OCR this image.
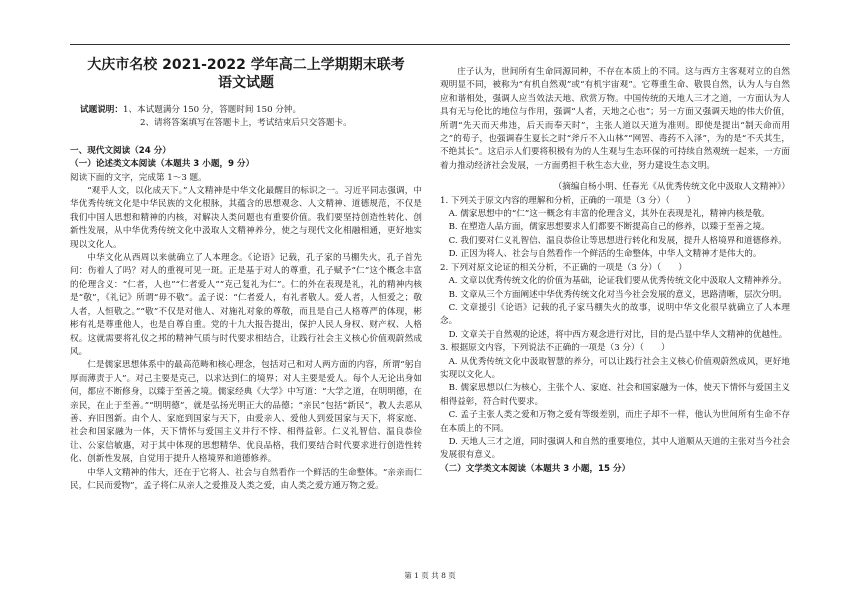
大庆市名校 2021-2022 学年高二上学期期末联考
语文试题

试题说明：1、本试题满分 150 分，答题时间 150 分钟。

2、请将答案填写在答题卡上，考试结束后只交答题卡。

一、现代文阅读（24 分）

（一）论述类文本阅读（本题共 3 小题，9 分）

阅读下面的文字，完成第 1～3 题。

“观乎人文，以化成天下。”人文精神是中华文化最醒目的标识之一。习近平同志强调，中华优秀传统文化是中华民族的文化根脉，其蕴含的思想观念、人文精神、道德规范，不仅是我们中国人思想和精神的内核，对解决人类问题也有重要价值。我们要坚持创造性转化、创新性发展，从中华优秀传统文化中汲取人文精神养分，使之与现代文化相融相通，更好地实现以文化人。

中华文化从西周以来就确立了人本理念。《论语》记载，孔子家的马棚失火，孔子首先问：伤着人了吗？对人的重视可见一斑。正是基于对人的尊重，孔子赋予“仁”这个概念丰富的伦理含义：“仁者，人也”“仁者爱人”“克己复礼为仁”。仁的外在表现是礼，礼的精神内核是“敬”，《礼记》所谓“毋不敬”。孟子说：“仁者爱人，有礼者敬人。爱人者，人恒爱之；敬人者，人恒敬之。”“敬”不仅是对他人、对施礼对象的尊敬，而且是自己人格尊严的体现，彬彬有礼是尊重他人，也是自尊自重。党的十九大报告提出，保护人民人身权、财产权、人格权。这就需要将礼仪之邦的精神气质与时代要求相结合，让践行社会主义核心价值观蔚然成风。

仁是儒家思想体系中的最高范畴和核心理念，包括对己和对人两方面的内容，所谓“躬自厚而薄责于人”。对己主要是克己，以求达到仁的境界；对人主要是爱人。每个人无论出身如何，都应不断修身，以臻于至善之境。儒家经典《大学》中写道：“大学之道，在明明德，在亲民，在止于至善。”“明明德”，就是弘扬光明正大的品德；“亲民”包括“新民”，教人去恶从善、弃旧图新。由个人、家庭到国家与天下，由爱亲人、爱他人到爱国家与天下，将家庭、社会和国家融为一体，天下情怀与爱国主义并行不悖、相得益彰。仁义礼智信、温良恭俭让、公家信敏惠，对于其中体现的思想精华、优良品格，我们要结合时代要求进行创造性转化、创新性发展，自觉用于提升人格境界和道德修养。

中华人文精神的伟大，还在于它将人、社会与自然看作一个鲜活的生命整体。“亲亲而仁民，仁民而爱物”，孟子将仁从亲人之爱推及人类之爱，由人类之爱方通万物之爱。

庄子认为，世间所有生命同源同种，不存在本质上的不同。这与西方主客观对立的自然观明显不同，被称为“有机自然观”或“有机宇宙观”。它尊重生命、敬畏自然，认为人与自然应和谐相处，强调人应当效法天地、欣赏万物。中国传统的天地人三才之道，一方面认为人具有无与伦比的地位与作用，强调“人者，天地之心也”；另一方面又强调天地的伟大价值，所谓“先天而天弗违，后天而奉天时”，主张人道以天道为准则。即使是提出“制天命而用之”的荀子，也强调春生夏长之时“斧斤不入山林”“网罟、毒药不入泽”，为的是“不夭其生，不绝其长”。这启示人们要将积极有为的人生观与生态环保的可持续自然观统一起来，一方面着力推动经济社会发展，一方面勇担千秋生态大业，努力建设生态文明。

（摘编自杨小明、任春光《从优秀传统文化中汲取人文精神》）

1. 下列关于原文内容的理解和分析，正确的一项是（3 分）（　　）

A. 儒家思想中的“仁”这一概念有丰富的伦理含义，其外在表现是礼，精神内核是敬。

B. 在塑造人品方面，儒家思想要求人们都要不断提高自己的修养，以臻于至善之境。

C. 我们要对仁义礼智信、温良恭俭让等思想进行转化和发展，提升人格境界和道德修养。

D. 正因为将人、社会与自然看作一个鲜活的生命整体，中华人文精神才是伟大的。

2. 下列对原文论证的相关分析，不正确的一项是（3 分）（　　）

A. 文章以优秀传统文化的价值为基础，论证我们要从优秀传统文化中汲取人文精神养分。

B. 文章从三个方面阐述中华优秀传统文化对当今社会发展的意义，思路清晰，层次分明。

C. 文章援引《论语》记载的孔子家马棚失火的故事，说明中华文化很早就确立了人本理念。

D. 文章关于自然观的论述，将中西方观念进行对比，目的是凸显中华人文精神的优越性。

3. 根据原文内容，下列说法不正确的一项是（3 分）（　　）

A. 从优秀传统文化中汲取智慧的养分，可以让践行社会主义核心价值观蔚然成风，更好地实现以文化人。

B. 儒家思想以仁为核心，主张个人、家庭、社会和国家融为一体，使天下情怀与爱国主义相得益彰，符合时代要求。

C. 孟子主张人类之爱和万物之爱有等级差别，而庄子却不一样，他认为世间所有生命不存在本质上的不同。

D. 天地人三才之道，同时强调人和自然的重要地位，其中人道顺从天道的主张对当今社会发展很有意义。

（二）文学类文本阅读（本题共 3 小题，15 分）

第 1 页 共 8 页
